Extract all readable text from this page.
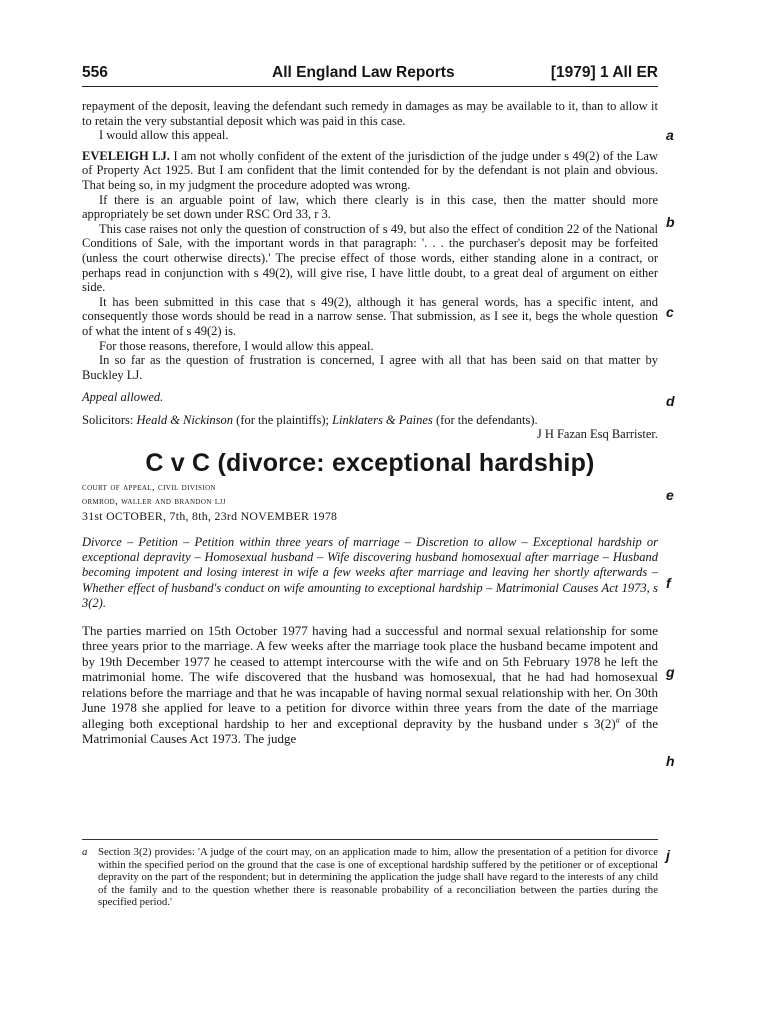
556	All England Law Reports	[1979] 1 All ER

repayment of the deposit, leaving the defendant such remedy in damages as may be available to it, than to allow it to retain the very substantial deposit which was paid in this case.

I would allow this appeal.

EVELEIGH LJ. I am not wholly confident of the extent of the jurisdiction of the judge under s 49(2) of the Law of Property Act 1925. But I am confident that the limit contended for by the defendant is not plain and obvious. That being so, in my judgment the procedure adopted was wrong.

If there is an arguable point of law, which there clearly is in this case, then the matter should more appropriately be set down under RSC Ord 33, r 3.

This case raises not only the question of construction of s 49, but also the effect of condition 22 of the National Conditions of Sale, with the important words in that paragraph: '. . . the purchaser's deposit may be forfeited (unless the court otherwise directs).' The precise effect of those words, either standing alone in a contract, or perhaps read in conjunction with s 49(2), will give rise, I have little doubt, to a great deal of argument on either side.

It has been submitted in this case that s 49(2), although it has general words, has a specific intent, and consequently those words should be read in a narrow sense. That submission, as I see it, begs the whole question of what the intent of s 49(2) is.

For those reasons, therefore, I would allow this appeal.

In so far as the question of frustration is concerned, I agree with all that has been said on that matter by Buckley LJ.

Appeal allowed.

Solicitors: Heald & Nickinson (for the plaintiffs); Linklaters & Paines (for the defendants).

J H Fazan Esq Barrister.

C v C (divorce: exceptional hardship)

court of appeal, civil division

ormrod, waller and brandon ljj

31st OCTOBER, 7th, 8th, 23rd NOVEMBER 1978

Divorce – Petition – Petition within three years of marriage – Discretion to allow – Exceptional hardship or exceptional depravity – Homosexual husband – Wife discovering husband homosexual after marriage – Husband becoming impotent and losing interest in wife a few weeks after marriage and leaving her shortly afterwards – Whether effect of husband's conduct on wife amounting to exceptional hardship – Matrimonial Causes Act 1973, s 3(2).

The parties married on 15th October 1977 having had a successful and normal sexual relationship for some three years prior to the marriage. A few weeks after the marriage took place the husband became impotent and by 19th December 1977 he ceased to attempt intercourse with the wife and on 5th February 1978 he left the matrimonial home. The wife discovered that the husband was homosexual, that he had had homosexual relations before the marriage and that he was incapable of having normal sexual relationship with her. On 30th June 1978 she applied for leave to a petition for divorce within three years from the date of the marriage alleging both exceptional hardship to her and exceptional depravity by the husband under s $3(2)^a$ of the Matrimonial Causes Act 1973. The judge

a Section 3(2) provides: 'A judge of the court may, on an application made to him, allow the presentation of a petition for divorce within the specified period on the ground that the case is one of exceptional hardship suffered by the petitioner or of exceptional depravity on the part of the respondent; but in determining the application the judge shall have regard to the interests of any child of the family and to the question whether there is reasonable probability of a reconciliation between the parties during the specified period.'
a
b
c
d
e
f
g
h
j
